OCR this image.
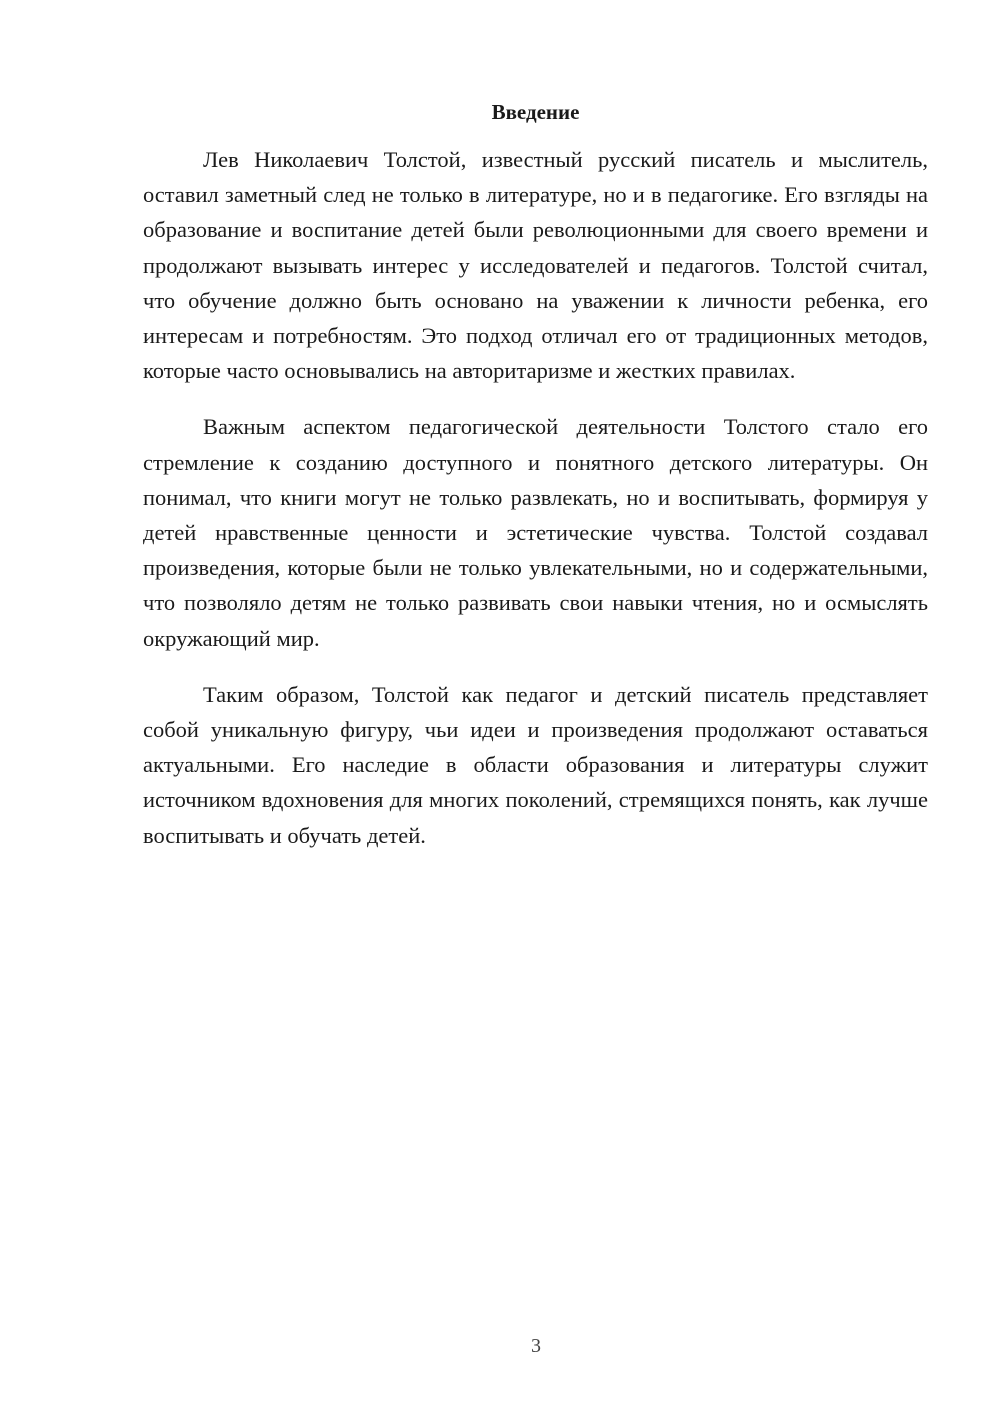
Введение

Лев Николаевич Толстой, известный русский писатель и мыслитель, оставил заметный след не только в литературе, но и в педагогике. Его взгляды на образование и воспитание детей были революционными для своего времени и продолжают вызывать интерес у исследователей и педагогов. Толстой считал, что обучение должно быть основано на уважении к личности ребенка, его интересам и потребностям. Это подход отличал его от традиционных методов, которые часто основывались на авторитаризме и жестких правилах.

Важным аспектом педагогической деятельности Толстого стало его стремление к созданию доступного и понятного детского литературы. Он понимал, что книги могут не только развлекать, но и воспитывать, формируя у детей нравственные ценности и эстетические чувства. Толстой создавал произведения, которые были не только увлекательными, но и содержательными, что позволяло детям не только развивать свои навыки чтения, но и осмыслять окружающий мир.

Таким образом, Толстой как педагог и детский писатель представляет собой уникальную фигуру, чьи идеи и произведения продолжают оставаться актуальными. Его наследие в области образования и литературы служит источником вдохновения для многих поколений, стремящихся понять, как лучше воспитывать и обучать детей.

3
